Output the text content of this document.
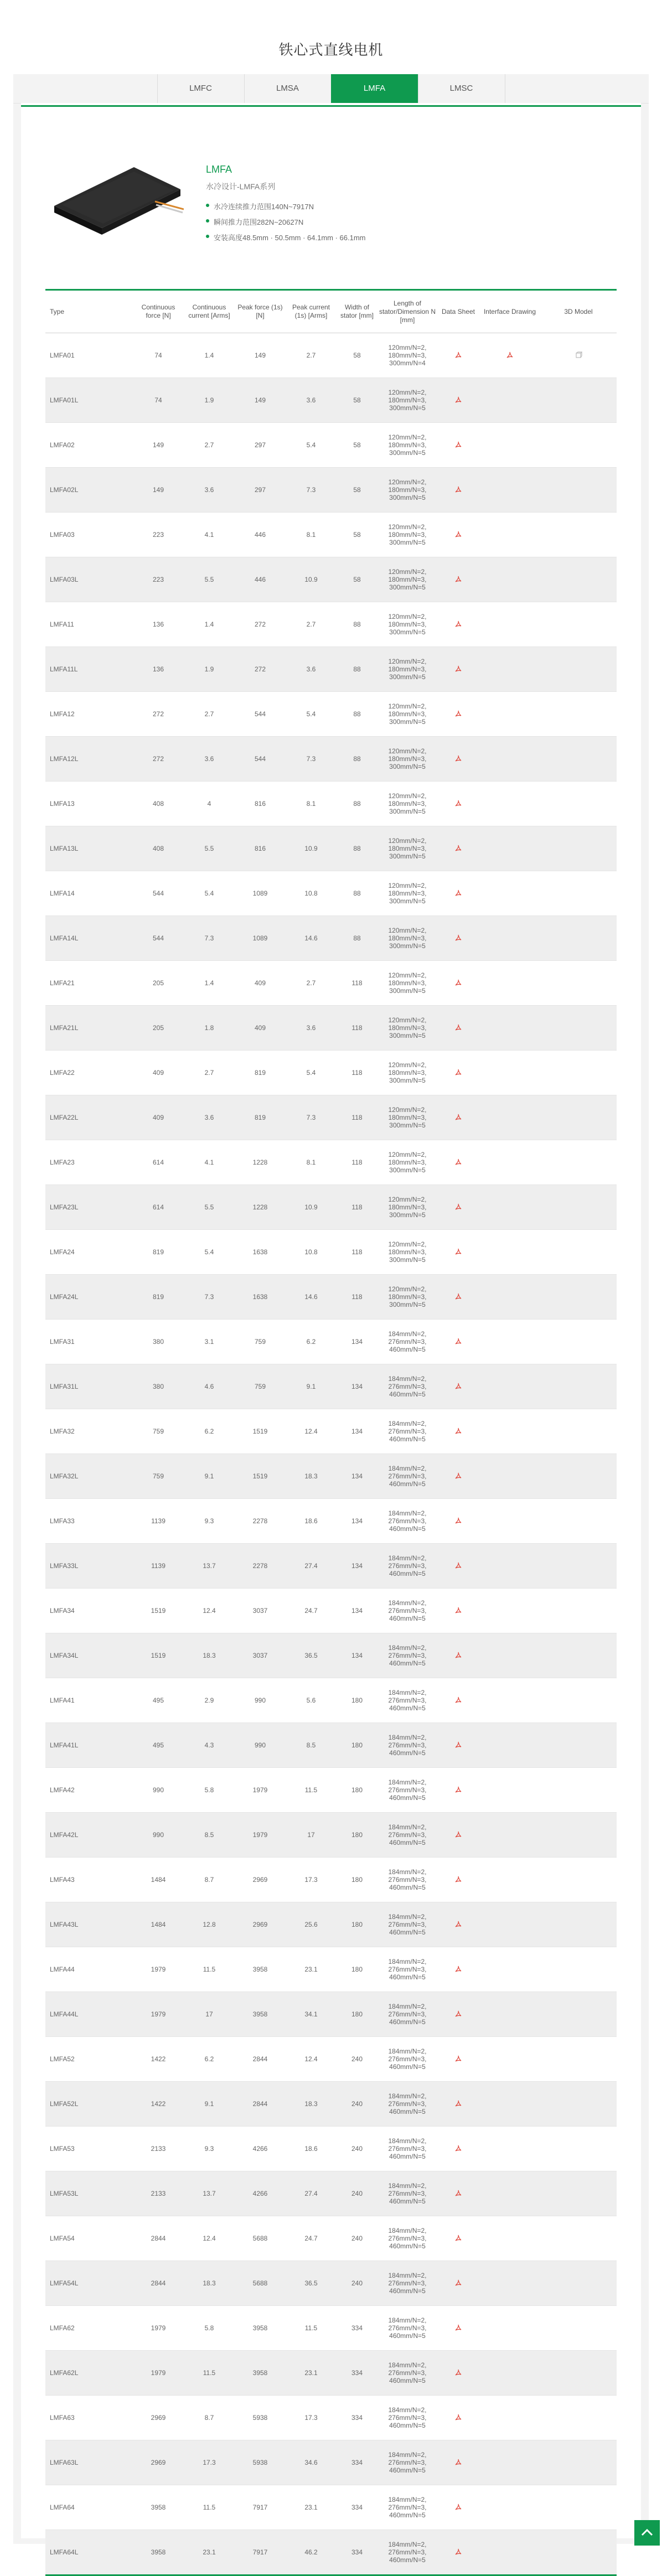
铁心式直线电机
LMFC	LMSA	LMFA	LMSC
LMFA
水冷设计-LMFA系列
水冷连续推力范围140N~7917N
瞬间推力范围282N~20627N
安装高度48.5mm · 50.5mm · 64.1mm · 66.1mm
Type	Continuous force [N]	Continuous current [Arms]	Peak force (1s) [N]	Peak current (1s) [Arms]	Width of stator [mm]	Length of stator/Dimension N [mm]	Data Sheet	Interface Drawing	3D Model
LMFA01	74	1.4	149	2.7	58	120mm/N=2, 180mm/N=3, 300mm/N=4			
LMFA01L	74	1.9	149	3.6	58	120mm/N=2, 180mm/N=3, 300mm/N=5			
LMFA02	149	2.7	297	5.4	58	120mm/N=2, 180mm/N=3, 300mm/N=5			
LMFA02L	149	3.6	297	7.3	58	120mm/N=2, 180mm/N=3, 300mm/N=5			
LMFA03	223	4.1	446	8.1	58	120mm/N=2, 180mm/N=3, 300mm/N=5			
LMFA03L	223	5.5	446	10.9	58	120mm/N=2, 180mm/N=3, 300mm/N=5			
LMFA11	136	1.4	272	2.7	88	120mm/N=2, 180mm/N=3, 300mm/N=5			
LMFA11L	136	1.9	272	3.6	88	120mm/N=2, 180mm/N=3, 300mm/N=5			
LMFA12	272	2.7	544	5.4	88	120mm/N=2, 180mm/N=3, 300mm/N=5			
LMFA12L	272	3.6	544	7.3	88	120mm/N=2, 180mm/N=3, 300mm/N=5			
LMFA13	408	4	816	8.1	88	120mm/N=2, 180mm/N=3, 300mm/N=5			
LMFA13L	408	5.5	816	10.9	88	120mm/N=2, 180mm/N=3, 300mm/N=5			
LMFA14	544	5.4	1089	10.8	88	120mm/N=2, 180mm/N=3, 300mm/N=5			
LMFA14L	544	7.3	1089	14.6	88	120mm/N=2, 180mm/N=3, 300mm/N=5			
LMFA21	205	1.4	409	2.7	118	120mm/N=2, 180mm/N=3, 300mm/N=5			
LMFA21L	205	1.8	409	3.6	118	120mm/N=2, 180mm/N=3, 300mm/N=5			
LMFA22	409	2.7	819	5.4	118	120mm/N=2, 180mm/N=3, 300mm/N=5			
LMFA22L	409	3.6	819	7.3	118	120mm/N=2, 180mm/N=3, 300mm/N=5			
LMFA23	614	4.1	1228	8.1	118	120mm/N=2, 180mm/N=3, 300mm/N=5			
LMFA23L	614	5.5	1228	10.9	118	120mm/N=2, 180mm/N=3, 300mm/N=5			
LMFA24	819	5.4	1638	10.8	118	120mm/N=2, 180mm/N=3, 300mm/N=5			
LMFA24L	819	7.3	1638	14.6	118	120mm/N=2, 180mm/N=3, 300mm/N=5			
LMFA31	380	3.1	759	6.2	134	184mm/N=2, 276mm/N=3, 460mm/N=5			
LMFA31L	380	4.6	759	9.1	134	184mm/N=2, 276mm/N=3, 460mm/N=5			
LMFA32	759	6.2	1519	12.4	134	184mm/N=2, 276mm/N=3, 460mm/N=5			
LMFA32L	759	9.1	1519	18.3	134	184mm/N=2, 276mm/N=3, 460mm/N=5			
LMFA33	1139	9.3	2278	18.6	134	184mm/N=2, 276mm/N=3, 460mm/N=5			
LMFA33L	1139	13.7	2278	27.4	134	184mm/N=2, 276mm/N=3, 460mm/N=5			
LMFA34	1519	12.4	3037	24.7	134	184mm/N=2, 276mm/N=3, 460mm/N=5			
LMFA34L	1519	18.3	3037	36.5	134	184mm/N=2, 276mm/N=3, 460mm/N=5			
LMFA41	495	2.9	990	5.6	180	184mm/N=2, 276mm/N=3, 460mm/N=5			
LMFA41L	495	4.3	990	8.5	180	184mm/N=2, 276mm/N=3, 460mm/N=5			
LMFA42	990	5.8	1979	11.5	180	184mm/N=2, 276mm/N=3, 460mm/N=5			
LMFA42L	990	8.5	1979	17	180	184mm/N=2, 276mm/N=3, 460mm/N=5			
LMFA43	1484	8.7	2969	17.3	180	184mm/N=2, 276mm/N=3, 460mm/N=5			
LMFA43L	1484	12.8	2969	25.6	180	184mm/N=2, 276mm/N=3, 460mm/N=5			
LMFA44	1979	11.5	3958	23.1	180	184mm/N=2, 276mm/N=3, 460mm/N=5			
LMFA44L	1979	17	3958	34.1	180	184mm/N=2, 276mm/N=3, 460mm/N=5			
LMFA52	1422	6.2	2844	12.4	240	184mm/N=2, 276mm/N=3, 460mm/N=5			
LMFA52L	1422	9.1	2844	18.3	240	184mm/N=2, 276mm/N=3, 460mm/N=5			
LMFA53	2133	9.3	4266	18.6	240	184mm/N=2, 276mm/N=3, 460mm/N=5			
LMFA53L	2133	13.7	4266	27.4	240	184mm/N=2, 276mm/N=3, 460mm/N=5			
LMFA54	2844	12.4	5688	24.7	240	184mm/N=2, 276mm/N=3, 460mm/N=5			
LMFA54L	2844	18.3	5688	36.5	240	184mm/N=2, 276mm/N=3, 460mm/N=5			
LMFA62	1979	5.8	3958	11.5	334	184mm/N=2, 276mm/N=3, 460mm/N=5			
LMFA62L	1979	11.5	3958	23.1	334	184mm/N=2, 276mm/N=3, 460mm/N=5			
LMFA63	2969	8.7	5938	17.3	334	184mm/N=2, 276mm/N=3, 460mm/N=5			
LMFA63L	2969	17.3	5938	34.6	334	184mm/N=2, 276mm/N=3, 460mm/N=5			
LMFA64	3958	11.5	7917	23.1	334	184mm/N=2, 276mm/N=3, 460mm/N=5			
LMFA64L	3958	23.1	7917	46.2	334	184mm/N=2, 276mm/N=3, 460mm/N=5			
